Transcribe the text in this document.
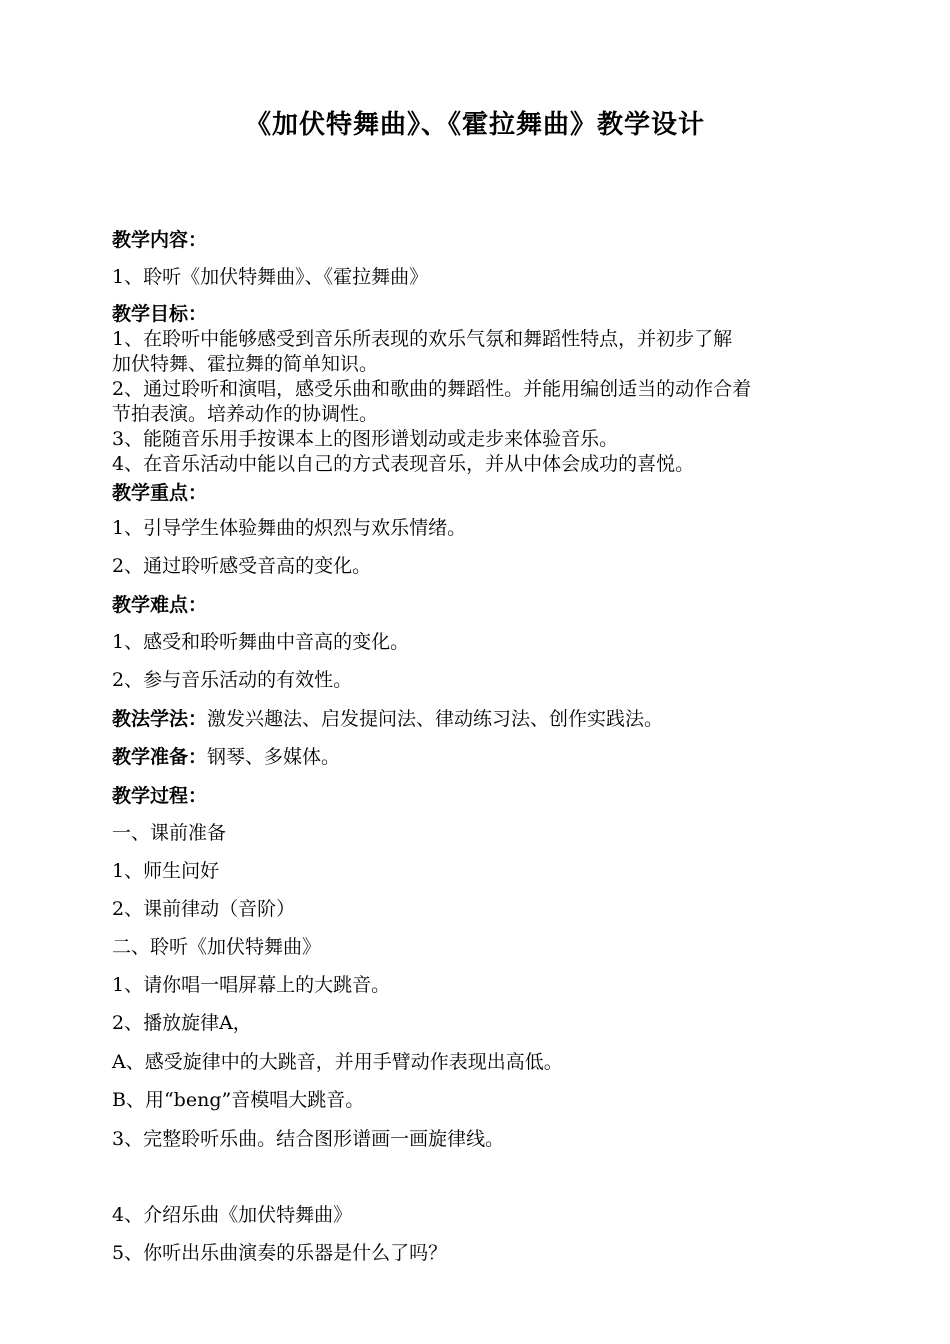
《加伏特舞曲》、《霍拉舞曲》教学设计
教学内容：
1、聆听《加伏特舞曲》、《霍拉舞曲》
教学目标：
1、在聆听中能够感受到音乐所表现的欢乐气氛和舞蹈性特点，并初步了解
加伏特舞、霍拉舞的简单知识。
2、通过聆听和演唱，感受乐曲和歌曲的舞蹈性。并能用编创适当的动作合着
节拍表演。培养动作的协调性。
3、能随音乐用手按课本上的图形谱划动或走步来体验音乐。
4、在音乐活动中能以自己的方式表现音乐，并从中体会成功的喜悦。
教学重点：
1、引导学生体验舞曲的炽烈与欢乐情绪。
2、通过聆听感受音高的变化。
教学难点：
1、感受和聆听舞曲中音高的变化。
2、参与音乐活动的有效性。
教法学法：激发兴趣法、启发提问法、律动练习法、创作实践法。
教学准备：钢琴、多媒体。
教学过程：
一、课前准备
1、师生问好
2、课前律动（音阶）
二、聆听《加伏特舞曲》
1、请你唱一唱屏幕上的大跳音。
2、播放旋律A，
A、感受旋律中的大跳音，并用手臂动作表现出高低。
B、用“beng”音模唱大跳音。
3、完整聆听乐曲。结合图形谱画一画旋律线。
4、介绍乐曲《加伏特舞曲》
5、你听出乐曲演奏的乐器是什么了吗？
